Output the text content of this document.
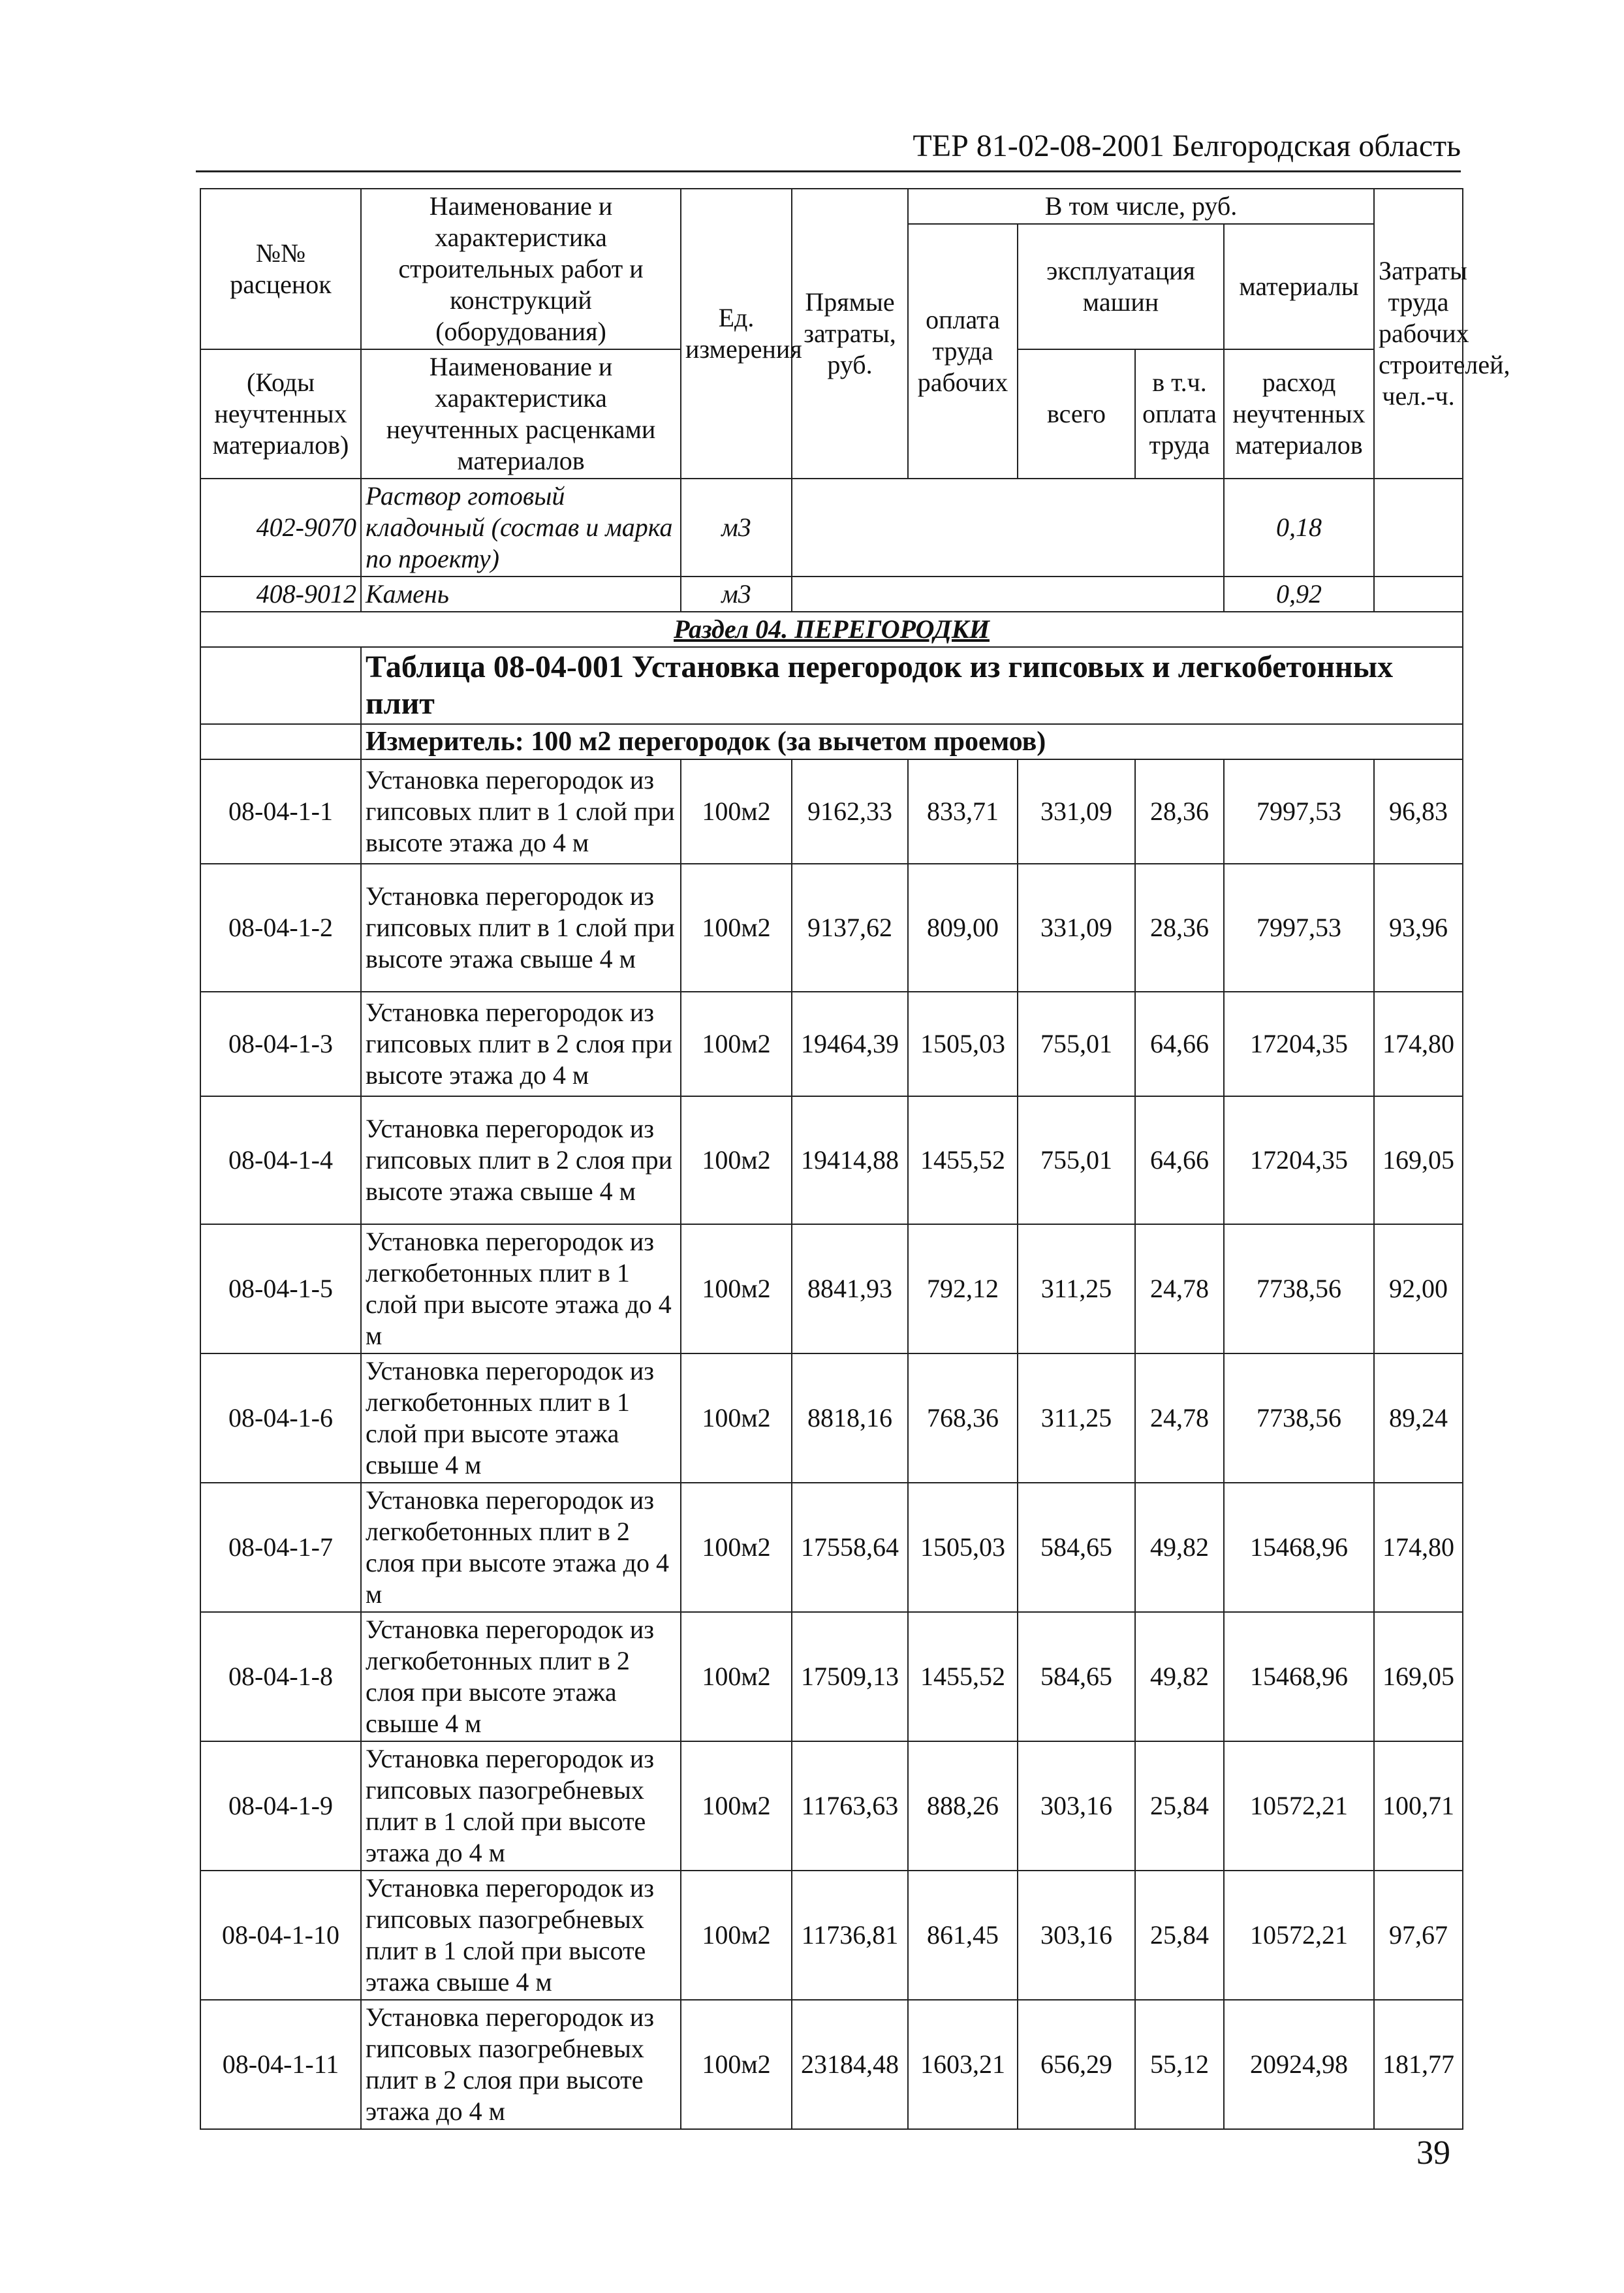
ТЕР 81-02-08-2001 Белгородская область
№№ расценок	Наименование и характеристика строительных работ и конструкций (оборудования)	Ед. измерения	Прямые затраты, руб.	В том числе, руб.				Затраты труда рабочих строителей, чел.-ч.
				оплата труда рабочих	эксплуатация машин		материалы	
(Коды неучтенных материалов)	Наименование и характеристика неучтенных расценками материалов				всего	в т.ч. оплата труда	расход неучтенных материалов	

402-9070	Раствор готовый кладочный (состав и марка по проекту)	м3					0,18	
408-9012	Камень	м3					0,92	
Раздел 04. ПЕРЕГОРОДКИ								
	Таблица 08-04-001 Установка перегородок из гипсовых и легкобетонных плит							
	Измеритель: 100 м2 перегородок (за вычетом проемов)							
08-04-1-1	Установка перегородок из гипсовых плит в 1 слой при высоте этажа до 4 м	100м2	9162,33	833,71	331,09	28,36	7997,53	96,83
08-04-1-2	Установка перегородок из гипсовых плит в 1 слой при высоте этажа свыше 4 м	100м2	9137,62	809,00	331,09	28,36	7997,53	93,96
08-04-1-3	Установка перегородок из гипсовых плит в 2 слоя при высоте этажа до 4 м	100м2	19464,39	1505,03	755,01	64,66	17204,35	174,80
08-04-1-4	Установка перегородок из гипсовых плит в 2 слоя при высоте этажа свыше 4 м	100м2	19414,88	1455,52	755,01	64,66	17204,35	169,05
08-04-1-5	Установка перегородок из легкобетонных плит в 1 слой при высоте этажа до 4 м	100м2	8841,93	792,12	311,25	24,78	7738,56	92,00
08-04-1-6	Установка перегородок из легкобетонных плит в 1 слой при высоте этажа свыше 4 м	100м2	8818,16	768,36	311,25	24,78	7738,56	89,24
08-04-1-7	Установка перегородок из легкобетонных плит в 2 слоя при высоте этажа до 4 м	100м2	17558,64	1505,03	584,65	49,82	15468,96	174,80
08-04-1-8	Установка перегородок из легкобетонных плит в 2 слоя при высоте этажа свыше 4 м	100м2	17509,13	1455,52	584,65	49,82	15468,96	169,05
08-04-1-9	Установка перегородок из гипсовых пазогребневых плит в 1 слой при высоте этажа до 4 м	100м2	11763,63	888,26	303,16	25,84	10572,21	100,71
08-04-1-10	Установка перегородок из гипсовых пазогребневых плит в 1 слой при высоте этажа свыше 4 м	100м2	11736,81	861,45	303,16	25,84	10572,21	97,67
08-04-1-11	Установка перегородок из гипсовых пазогребневых плит в 2 слоя при высоте этажа до 4 м	100м2	23184,48	1603,21	656,29	55,12	20924,98	181,77
39
